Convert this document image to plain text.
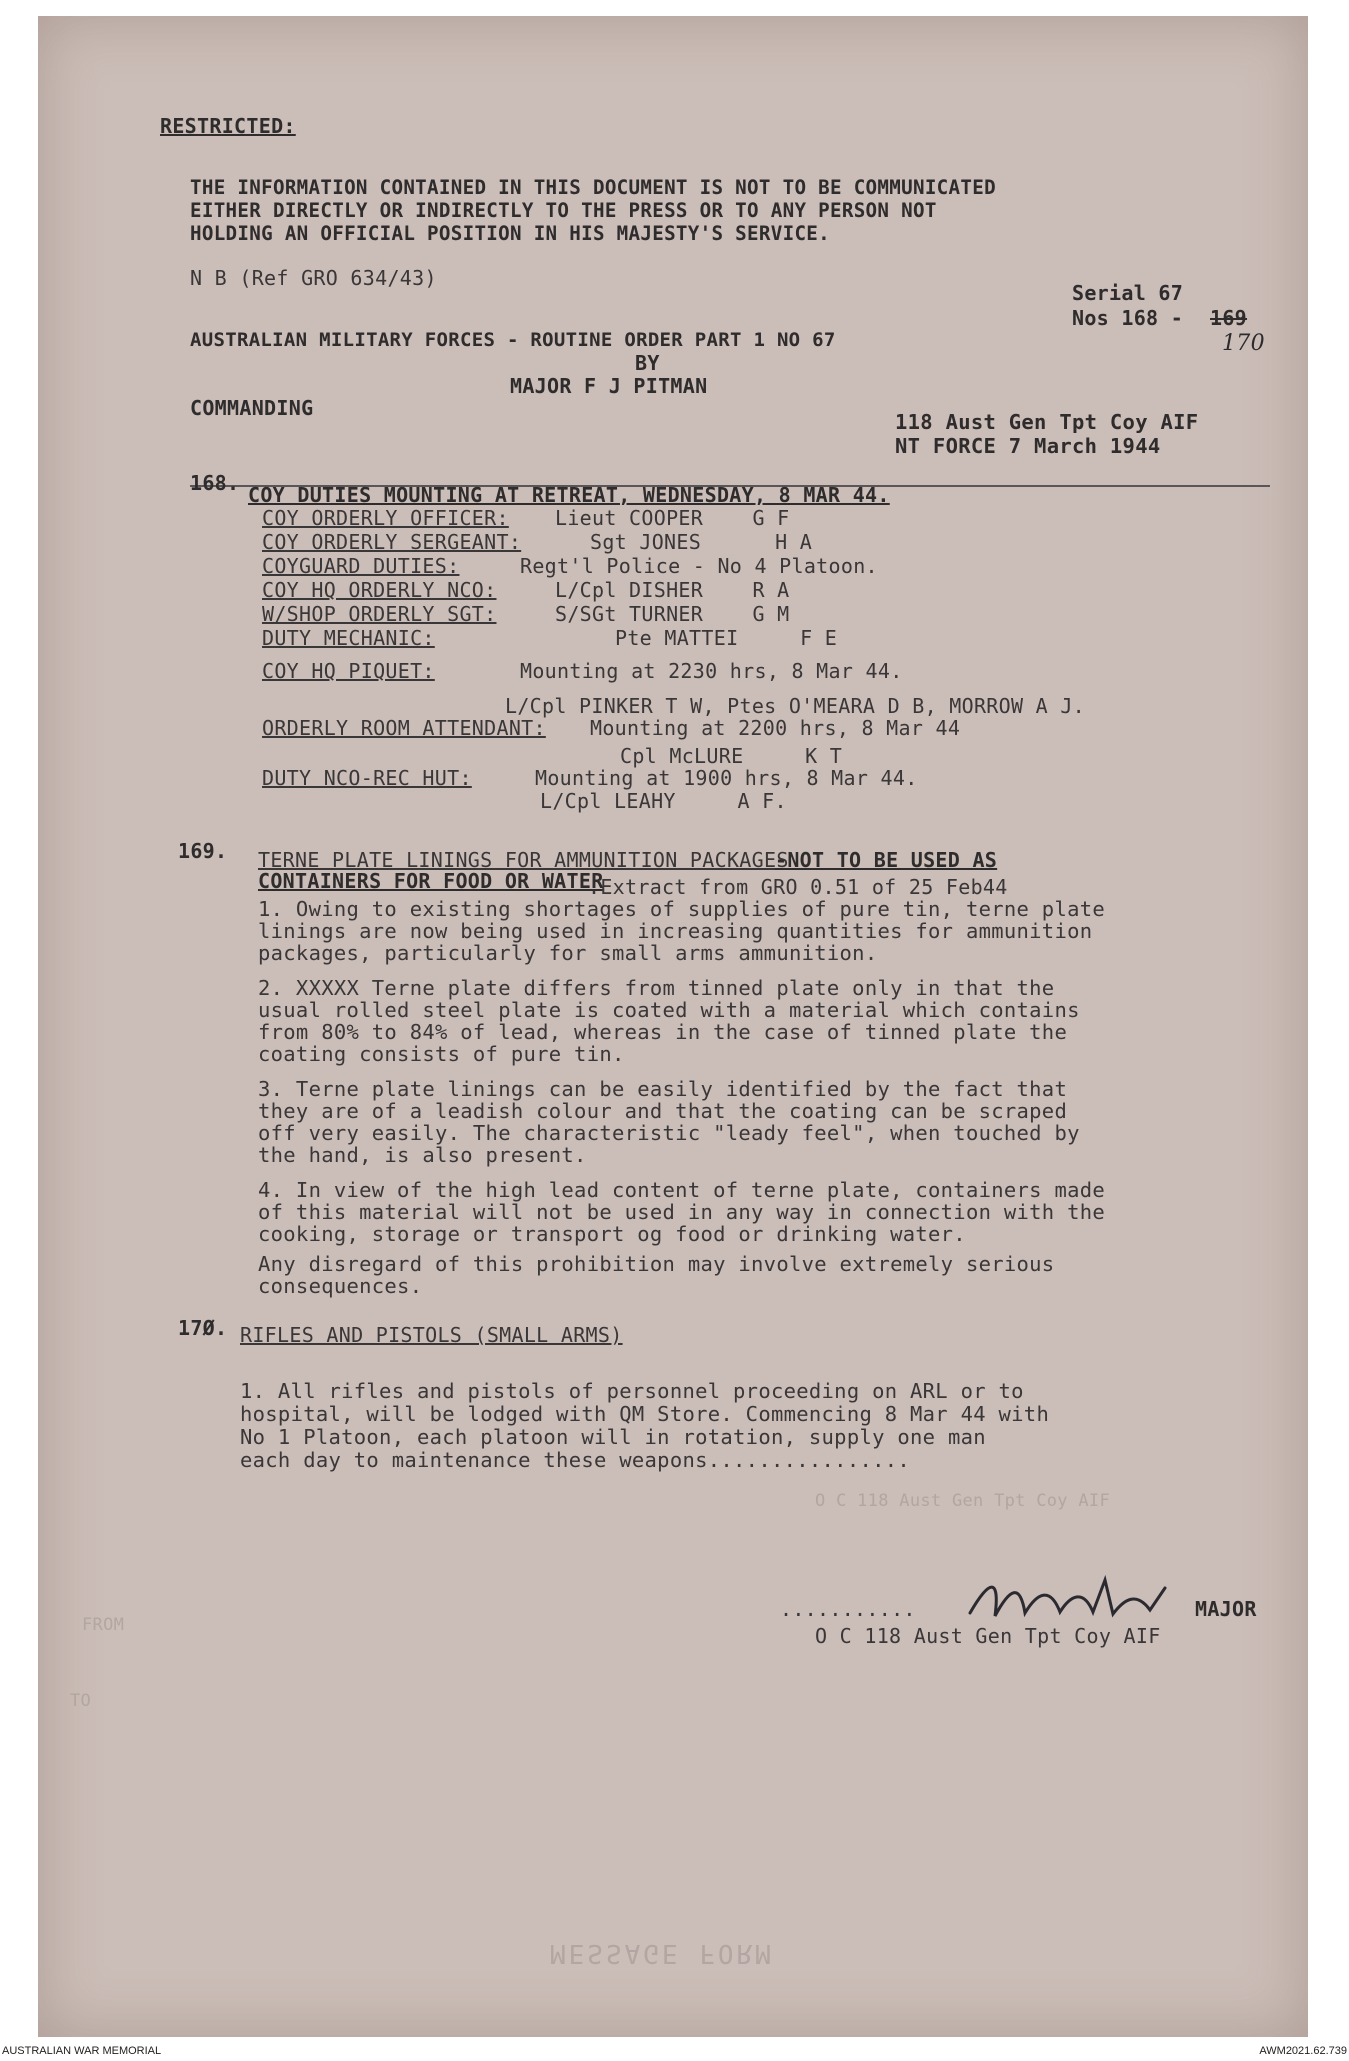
FROM
TO
MESSAGE FORM
O C 118 Aust Gen Tpt Coy AIF
RESTRICTED:
THE INFORMATION CONTAINED IN THIS DOCUMENT IS NOT TO BE COMMUNICATED
EITHER DIRECTLY OR INDIRECTLY TO THE PRESS OR TO ANY PERSON NOT
HOLDING AN OFFICIAL POSITION IN HIS MAJESTY'S SERVICE.
N B (Ref GRO 634/43)
Serial 67
Nos 168 - 169
170
AUSTRALIAN MILITARY FORCES - ROUTINE ORDER PART 1 NO 67
BY
MAJOR F J PITMAN
COMMANDING
118 Aust Gen Tpt Coy AIF
NT FORCE 7 March 1944
168. COY DUTIES MOUNTING AT RETREAT, WEDNESDAY, 8 MAR 44.
COY ORDERLY OFFICER: Lieut COOPER    G F
COY ORDERLY SERGEANT:	Sgt JONES      H A
COYGUARD DUTIES:	Regt'l Police - No 4 Platoon.
COY HQ ORDERLY NCO:	L/Cpl DISHER    R A
W/SHOP ORDERLY SGT:	S/SGt TURNER    G M
DUTY MECHANIC:	Pte MATTEI     F E
COY HQ PIQUET:	Mounting at 2230 hrs, 8 Mar 44.
L/Cpl PINKER T W, Ptes O'MEARA D B, MORROW A J.
ORDERLY ROOM ATTENDANT: Mounting at 2200 hrs, 8 Mar 44
Cpl McLURE     K T
DUTY NCO-REC HUT:	Mounting at 1900 hrs, 8 Mar 44.
L/Cpl LEAHY     A F.
169. TERNE PLATE LININGS FOR AMMUNITION PACKAGES
-NOT TO BE USED AS
CONTAINERS FOR FOOD OR WATER
.Extract from GRO 0.51 of 25 Feb44
1. Owing to existing shortages of supplies of pure tin, terne plate
linings are now being used in increasing quantities for ammunition
packages, particularly for small arms ammunition.
2. XXXXX Terne plate differs from tinned plate only in that the
usual rolled steel plate is coated with a material which contains
from 80% to 84% of lead, whereas in the case of tinned plate the
coating consists of pure tin.
3. Terne plate linings can be easily identified by the fact that
they are of a leadish colour and that the coating can be scraped
off very easily. The characteristic "leady feel", when touched by
the hand, is also present.
4. In view of the high lead content of terne plate, containers made
of this material will not be used in any way in connection with the
cooking, storage or transport og food or drinking water.
Any disregard of this prohibition may involve extremely serious
consequences.
17Ø. RIFLES AND PISTOLS (SMALL ARMS)
1. All rifles and pistols of personnel proceeding on ARL or to
hospital, will be lodged with QM Store. Commencing 8 Mar 44 with
No 1 Platoon, each platoon will in rotation, supply one man
each day to maintenance these weapons................
...........	MAJOR
O C 118 Aust Gen Tpt Coy AIF
AUSTRALIAN WAR MEMORIAL	AWM2021.62.739
